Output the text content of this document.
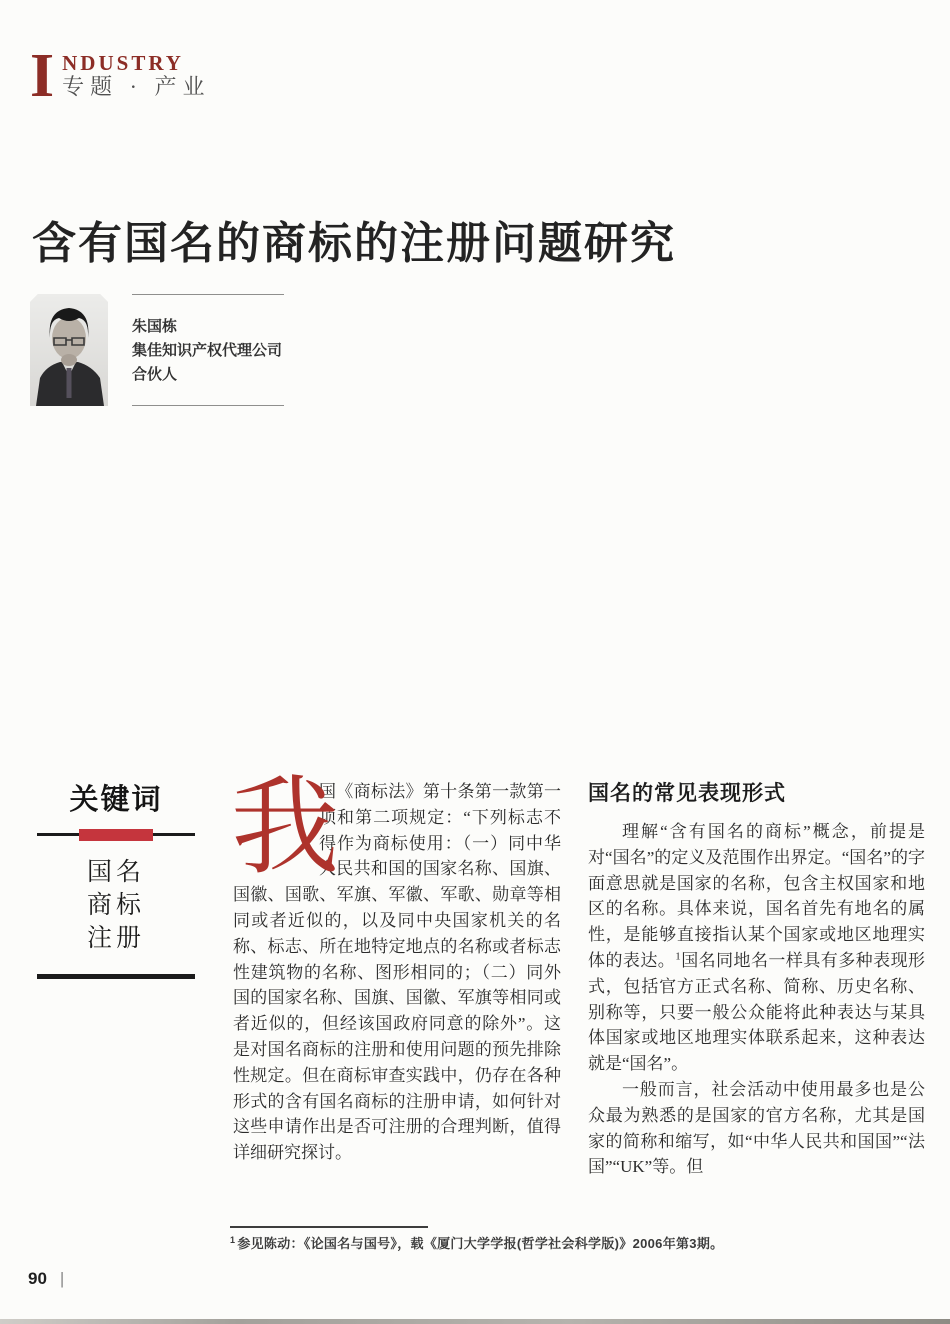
I NDUSTRY
专题 · 产业
含有国名的商标的注册问题研究
朱国栋
集佳知识产权代理公司
合伙人
关键词
国名
商标
注册
我
国《商标法》第十条第一款第一项和第二项规定：“下列标志不得作为商标使用：（一）同中华人民共和国的国家名称、国旗、国徽、国歌、军旗、军徽、军歌、勋章等相同或者近似的，以及同中央国家机关的名称、标志、所在地特定地点的名称或者标志性建筑物的名称、图形相同的；（二）同外国的国家名称、国旗、国徽、军旗等相同或者近似的，但经该国政府同意的除外”。这是对国名商标的注册和使用问题的预先排除性规定。但在商标审查实践中，仍存在各种形式的含有国名商标的注册申请，如何针对这些申请作出是否可注册的合理判断，值得详细研究探讨。
国名的常见表现形式

理解“含有国名的商标”概念，前提是对“国名”的定义及范围作出界定。“国名”的字面意思就是国家的名称，包含主权国家和地区的名称。具体来说，国名首先有地名的属性，是能够直接指认某个国家或地区地理实体的表达。$^1$国名同地名一样具有多种表现形式，包括官方正式名称、简称、历史名称、别称等，只要一般公众能将此种表达与某具体国家或地区地理实体联系起来，这种表达就是“国名”。

一般而言，社会活动中使用最多也是公众最为熟悉的是国家的官方名称，尤其是国家的简称和缩写，如“中华人民共和国国”“法国”“UK”等。但

$^1$ 参见陈动：《论国名与国号》，载《厦门大学学报(哲学社会科学版)》2006年第3期。
90 |
